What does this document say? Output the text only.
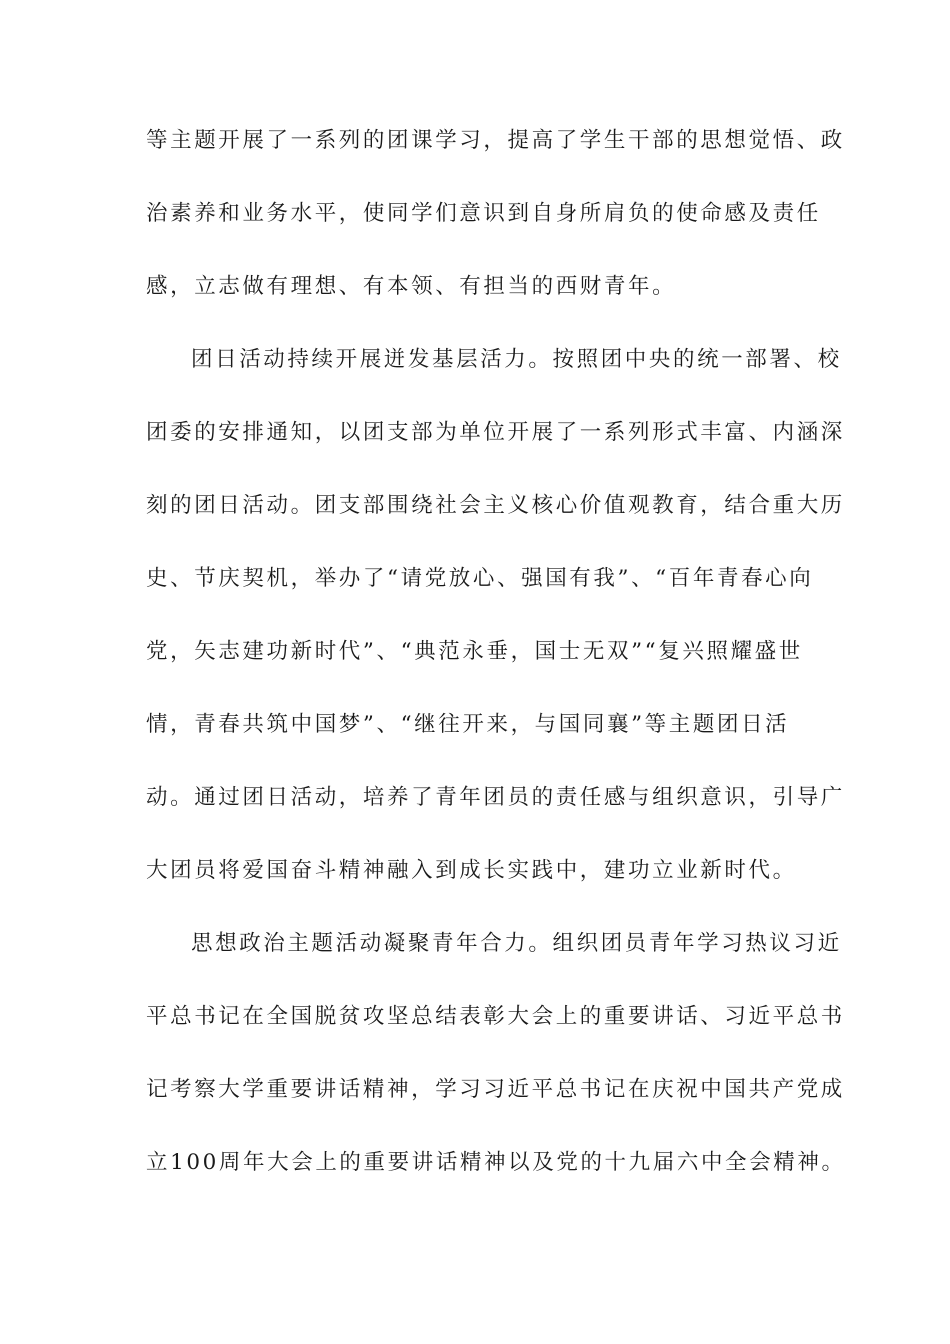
等主题开展了一系列的团课学习，提高了学生干部的思想觉悟、政
治素养和业务水平，使同学们意识到自身所肩负的使命感及责任
感，立志做有理想、有本领、有担当的西财青年。
团日活动持续开展迸发基层活力。按照团中央的统一部署、校
团委的安排通知，以团支部为单位开展了一系列形式丰富、内涵深
刻的团日活动。团支部围绕社会主义核心价值观教育，结合重大历
史、节庆契机，举办了“请党放心、强国有我”、“百年青春心向
党，矢志建功新时代”、“典范永垂，国士无双”“复兴照耀盛世
情，青春共筑中国梦”、“继往开来，与国同襄”等主题团日活
动。通过团日活动，培养了青年团员的责任感与组织意识，引导广
大团员将爱国奋斗精神融入到成长实践中，建功立业新时代。
思想政治主题活动凝聚青年合力。组织团员青年学习热议习近
平总书记在全国脱贫攻坚总结表彰大会上的重要讲话、习近平总书
记考察大学重要讲话精神，学习习近平总书记在庆祝中国共产党成
立100周年大会上的重要讲话精神以及党的十九届六中全会精神。
